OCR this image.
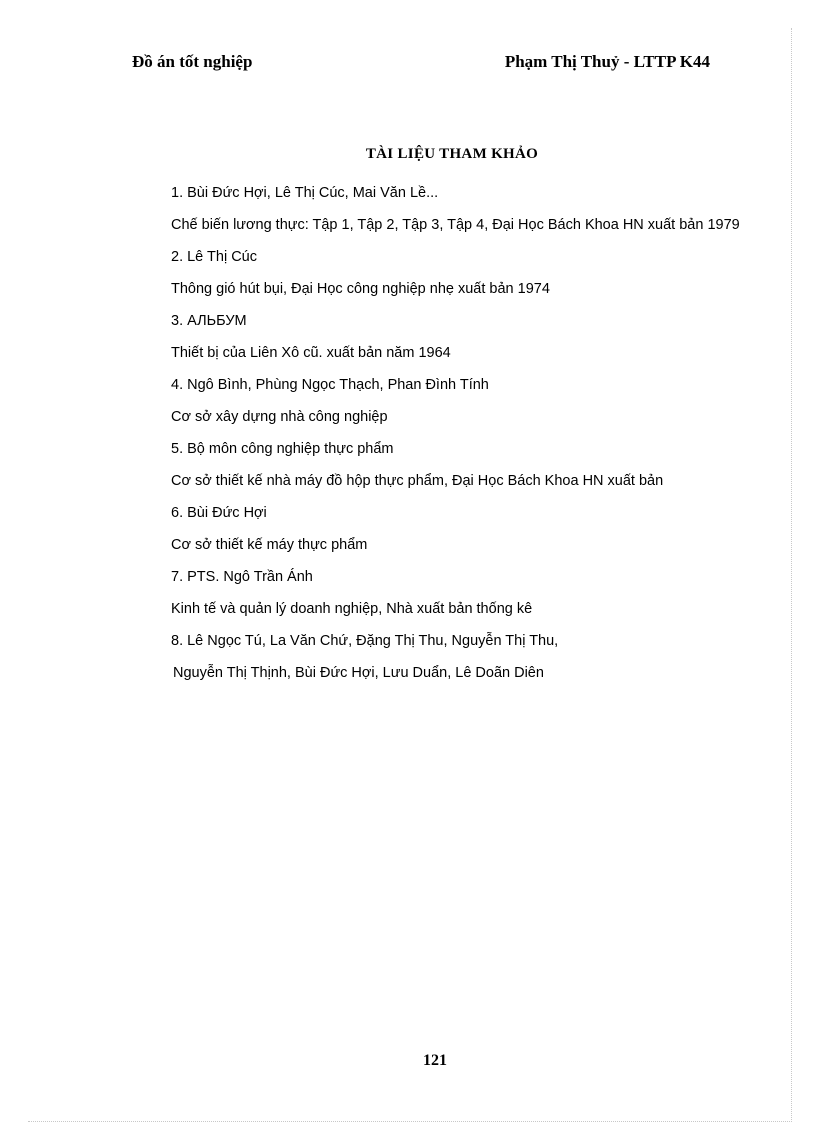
Đồ án tốt nghiệp	Phạm Thị Thuỷ - LTTP K44
TÀI LIỆU THAM KHẢO
1. Bùi Đức Hợi, Lê Thị Cúc, Mai Văn Lề...
Chế biến lương thực: Tập 1, Tập 2, Tập 3, Tập 4, Đại Học Bách Khoa HN xuất bản 1979
2. Lê Thị Cúc
Thông gió hút bụi, Đại Học công nghiệp nhẹ xuất bản 1974
3. АЛЬБУМ
Thiết bị của Liên Xô cũ. xuất bản năm 1964
4. Ngô Bình, Phùng Ngọc Thạch, Phan Đình Tính
Cơ sở xây dựng nhà công nghiệp
5. Bộ môn công nghiệp thực phẩm
Cơ sở thiết kế nhà máy đồ hộp thực phẩm, Đại Học Bách Khoa HN xuất bản
6. Bùi Đức Hợi
Cơ sở thiết kế máy thực phẩm
7. PTS. Ngô Trần Ánh
Kinh tế và quản lý doanh nghiệp, Nhà xuất bản thống kê
8. Lê Ngọc Tú, La Văn Chứ, Đặng Thị Thu, Nguyễn Thị Thu,
Nguyễn Thị Thịnh, Bùi Đức Hợi, Lưu Duẩn, Lê Doãn Diên
121
